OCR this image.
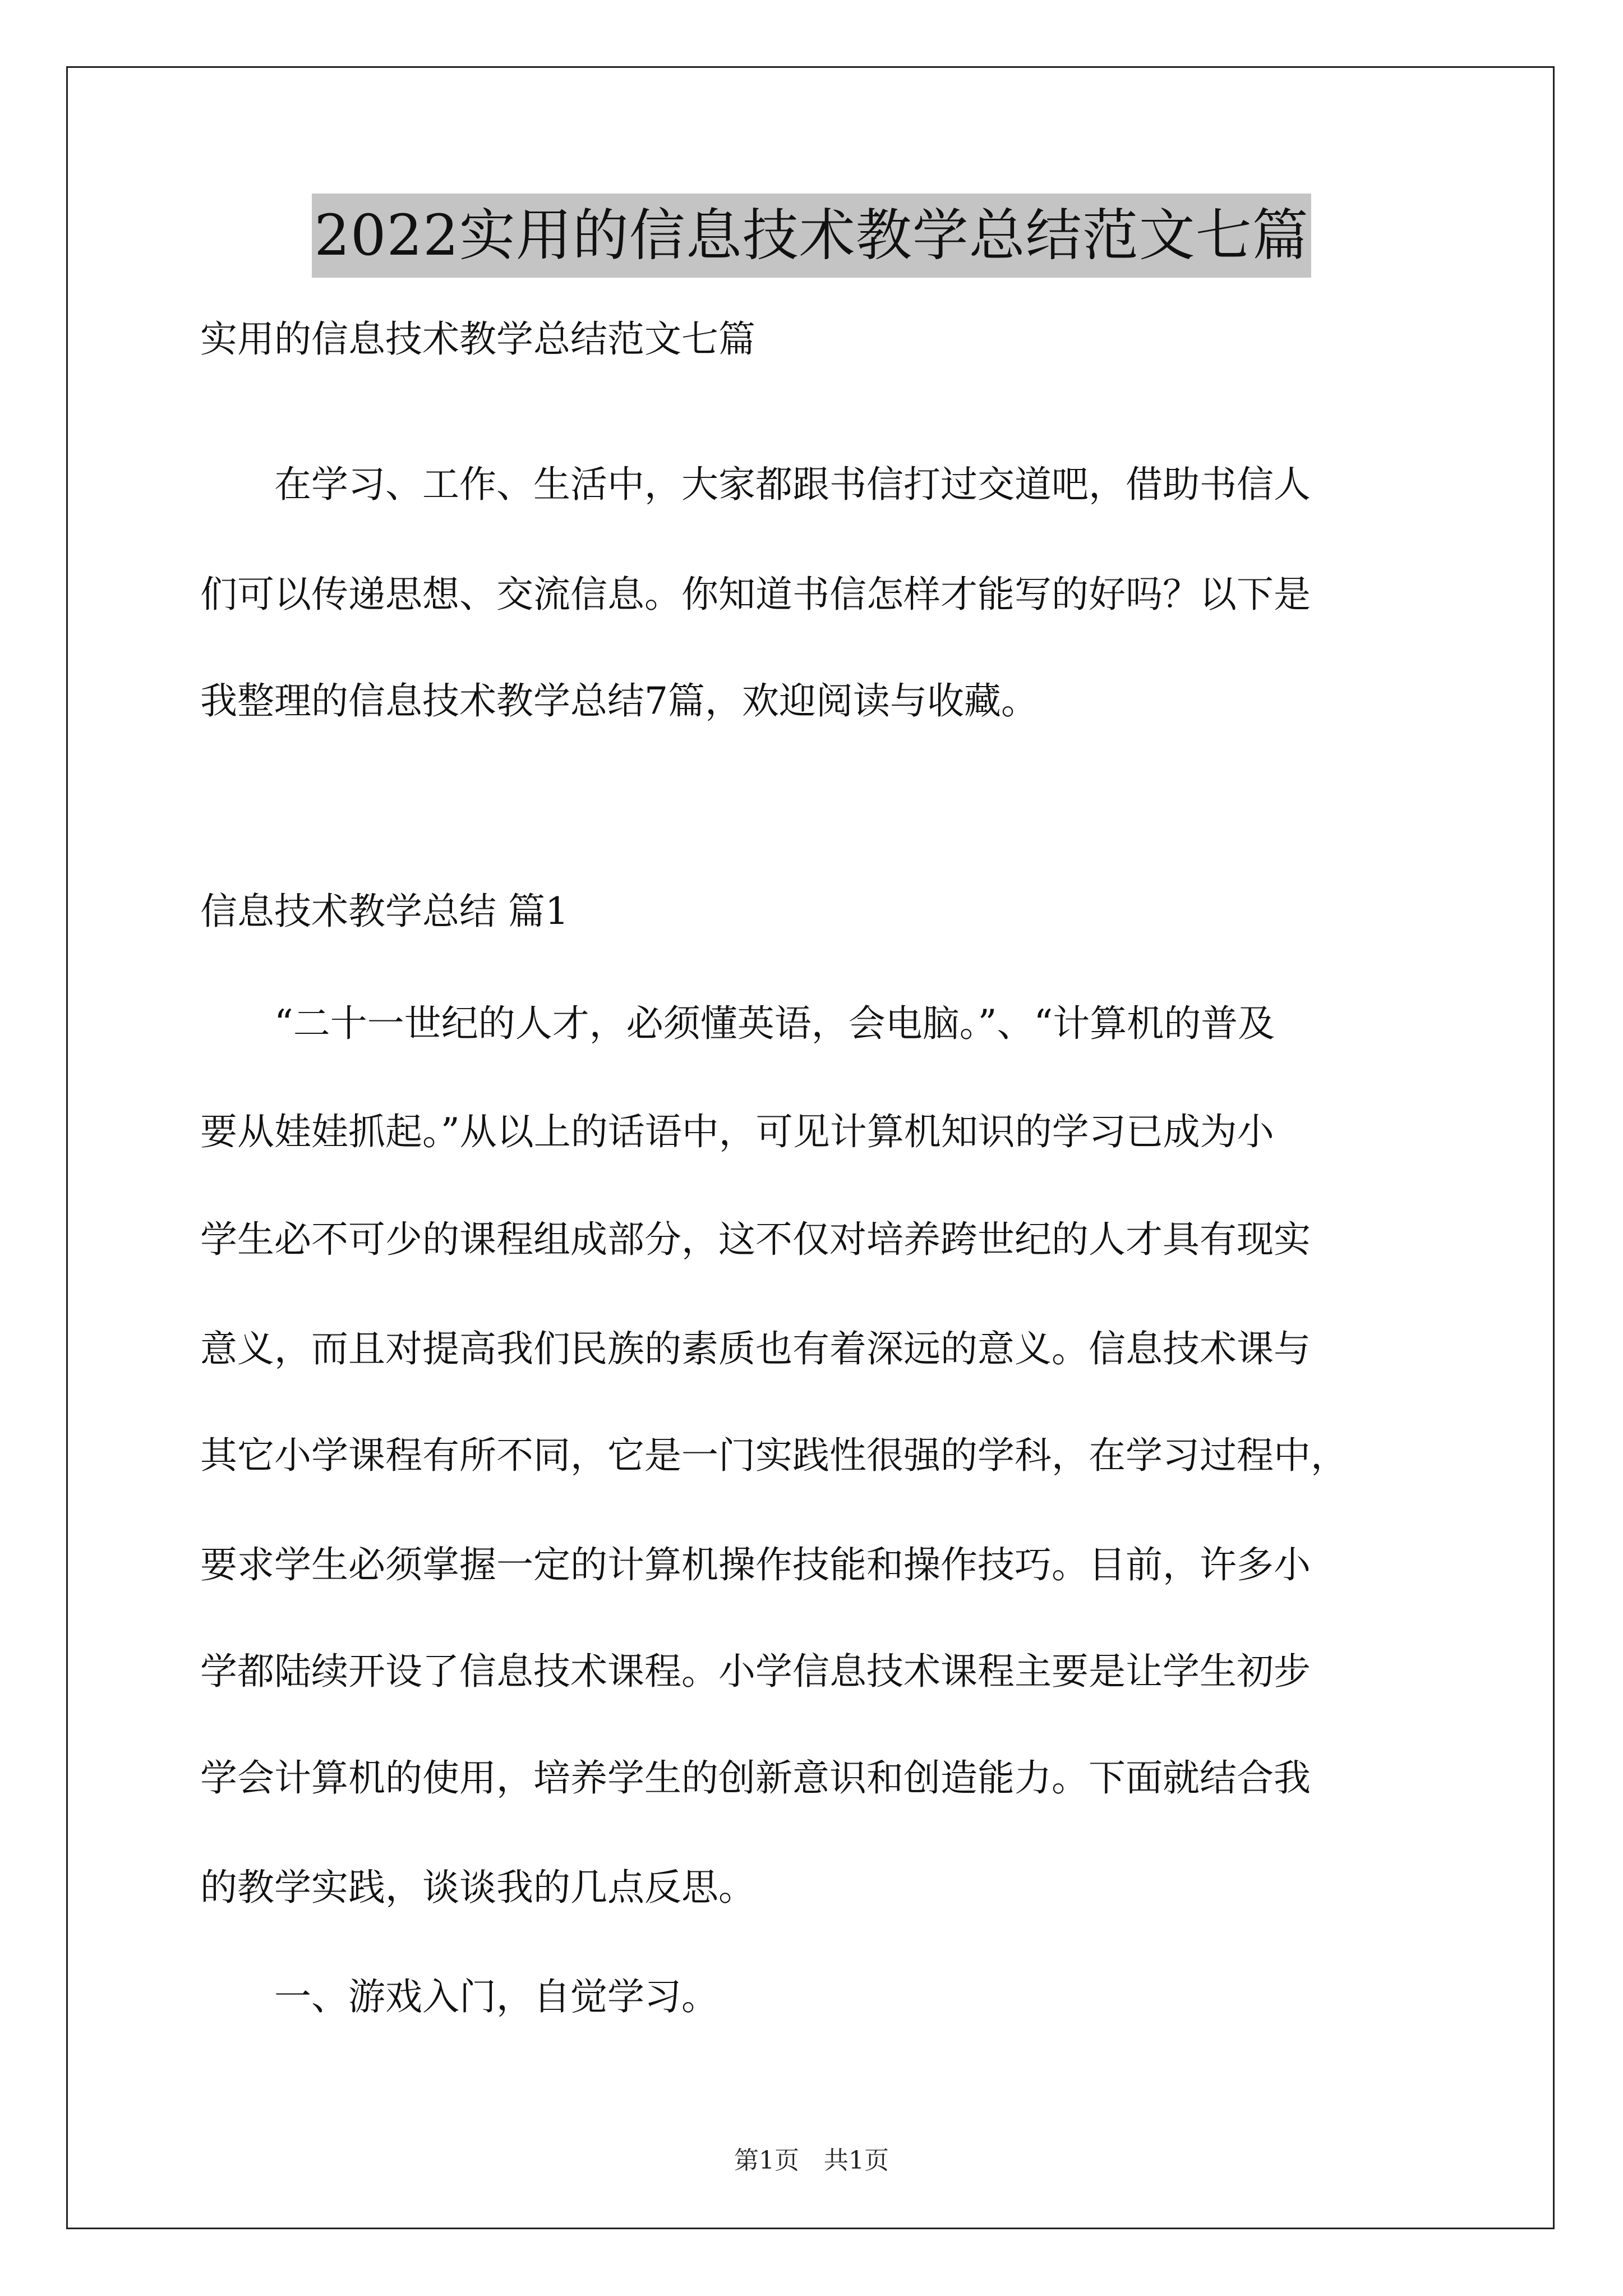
2022实用的信息技术教学总结范文七篇
实用的信息技术教学总结范文七篇
　　在学习、工作、生活中，大家都跟书信打过交道吧，借助书信人
们可以传递思想、交流信息。你知道书信怎样才能写的好吗？以下是
我整理的信息技术教学总结7篇，欢迎阅读与收藏。
信息技术教学总结 篇1
　　“二十一世纪的人才，必须懂英语，会电脑。”、“计算机的普及
要从娃娃抓起。”从以上的话语中，可见计算机知识的学习已成为小
学生必不可少的课程组成部分，这不仅对培养跨世纪的人才具有现实
意义，而且对提高我们民族的素质也有着深远的意义。信息技术课与
其它小学课程有所不同，它是一门实践性很强的学科，在学习过程中，
要求学生必须掌握一定的计算机操作技能和操作技巧。目前，许多小
学都陆续开设了信息技术课程。小学信息技术课程主要是让学生初步
学会计算机的使用，培养学生的创新意识和创造能力。下面就结合我
的教学实践，谈谈我的几点反思。
　　一、游戏入门，自觉学习。
第1页　共1页
